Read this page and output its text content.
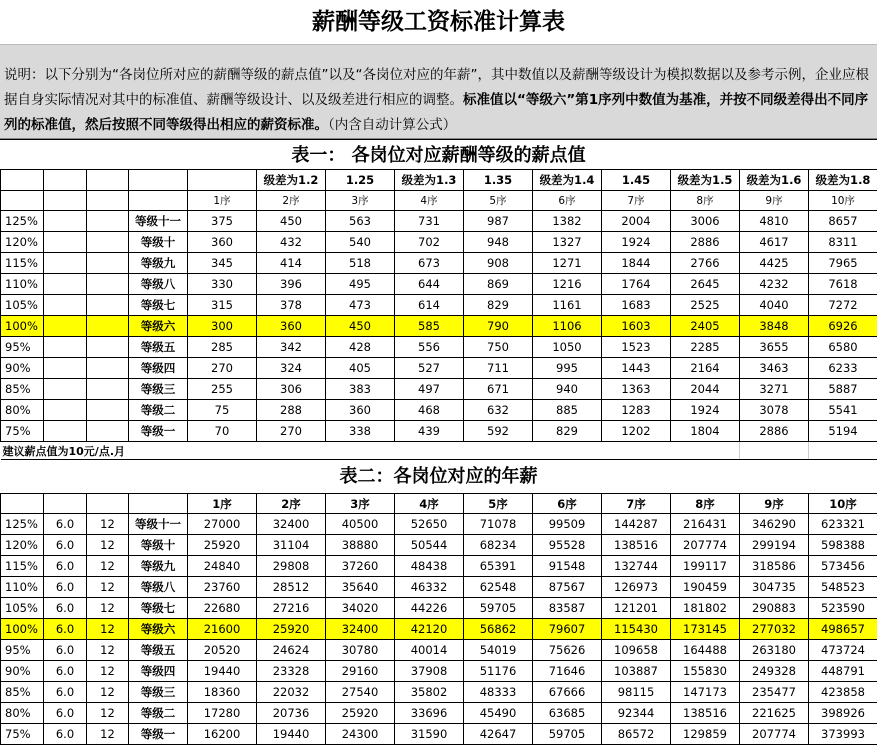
薪酬等级工资标准计算表
说明：以下分别为“各岗位所对应的薪酬等级的薪点值”以及“各岗位对应的年薪”，其中数值以及薪酬等级设计为模拟数据以及参考示例，企业应根据自身实际情况对其中的标准值、薪酬等级设计、以及级差进行相应的调整。标准值以“等级六”第1序列中数值为基准，并按不同级差得出不同序列的标准值，然后按照不同等级得出相应的薪资标准。（内含自动计算公式）
表一： 各岗位对应薪酬等级的薪点值
					级差为1.2	1.25	级差为1.3	1.35	级差为1.4	1.45	级差为1.5	级差为1.6	级差为1.8
				1序	2序	3序	4序	5序	6序	7序	8序	9序	10序
125%			等级十一	375	450	563	731	987	1382	2004	3006	4810	8657
120%			等级十	360	432	540	702	948	1327	1924	2886	4617	8311
115%			等级九	345	414	518	673	908	1271	1844	2766	4425	7965
110%			等级八	330	396	495	644	869	1216	1764	2645	4232	7618
105%			等级七	315	378	473	614	829	1161	1683	2525	4040	7272
100%			等级六	300	360	450	585	790	1106	1603	2405	3848	6926
95%			等级五	285	342	428	556	750	1050	1523	2285	3655	6580
90%			等级四	270	324	405	527	711	995	1443	2164	3463	6233
85%			等级三	255	306	383	497	671	940	1363	2044	3271	5887
80%			等级二	75	288	360	468	632	885	1283	1924	3078	5541
75%			等级一	70	270	338	439	592	829	1202	1804	2886	5194
建议薪点值为10元/点.月													
表二：各岗位对应的年薪
				1序	2序	3序	4序	5序	6序	7序	8序	9序	10序
125%	6.0	12	等级十一	27000	32400	40500	52650	71078	99509	144287	216431	346290	623321
120%	6.0	12	等级十	25920	31104	38880	50544	68234	95528	138516	207774	299194	598388
115%	6.0	12	等级九	24840	29808	37260	48438	65391	91548	132744	199117	318586	573456
110%	6.0	12	等级八	23760	28512	35640	46332	62548	87567	126973	190459	304735	548523
105%	6.0	12	等级七	22680	27216	34020	44226	59705	83587	121201	181802	290883	523590
100%	6.0	12	等级六	21600	25920	32400	42120	56862	79607	115430	173145	277032	498657
95%	6.0	12	等级五	20520	24624	30780	40014	54019	75626	109658	164488	263180	473724
90%	6.0	12	等级四	19440	23328	29160	37908	51176	71646	103887	155830	249328	448791
85%	6.0	12	等级三	18360	22032	27540	35802	48333	67666	98115	147173	235477	423858
80%	6.0	12	等级二	17280	20736	25920	33696	45490	63685	92344	138516	221625	398926
75%	6.0	12	等级一	16200	19440	24300	31590	42647	59705	86572	129859	207774	373993
